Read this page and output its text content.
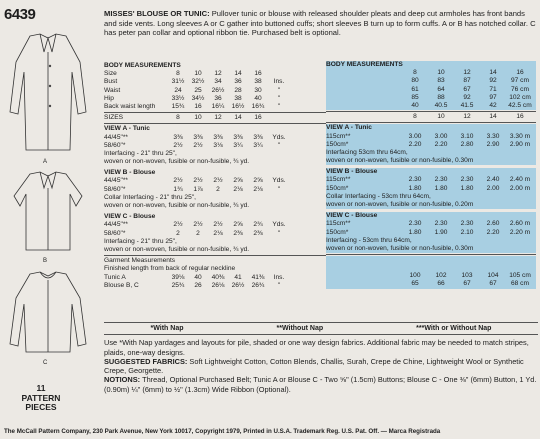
6439
A
B
C
11
PATTERN
PIECES
MISSES' BLOUSE OR TUNIC: Pullover tunic or blouse with released shoulder pleats and deep cut armholes has front bands and side vents. Long sleeves A or C gather into buttoned cuffs; short sleeves B turn up to form cuffs. A or B has notched collar. C has peter pan collar and optional ribbon tie. Purchased belt is optional.
BODY MEASUREMENTS
Size	8	10	12	14	16
Bust	31½	32½	34	36	38	Ins.
Waist	24	25	26½	28	30	"
Hip	33½	34½	36	38	40	"
Back waist length	15¾	16	16¼	16½	16¾	"
SIZES	8	10	12	14	16
VIEW A - Tunic
44/45"**	3⅜	3⅜	3⅜	3⅜	3⅜	Yds.
58/60"*	2½	2½	3⅛	3¼	3¼	"
Interfacing - 21" thru 25",
woven or non-woven, fusible or non-fusible, ¾ yd.
VIEW B - Blouse
44/45"**	2½	2½	2½	2⅝	2⅝	Yds.
58/60"*	1¾	1⅞	2	2⅛	2⅛	"
Collar Interfacing - 21" thru 25",
woven or non-woven, fusible or non-fusible, ¾ yd.
VIEW C - Blouse
44/45"**	2½	2½	2½	2⅝	2¾	Yds.
58/60"*	2	2	2⅛	2⅜	2⅜	"
Interfacing - 21" thru 25",
woven or non-woven, fusible or non-fusible, ¾ yd.
Garment Measurements
Finished length from back of regular neckline
Tunic A	39⅛	40	40⅜	41	41⅜	Ins.
Blouse B, C	25¾	26	26⅛	26½	26¾	"
BODY MEASUREMENTS
8	10	12	14	16
80	83	87	92	97 cm
61	64	67	71	76 cm
85	88	92	97	102 cm
40	40.5	41.5	42	42.5 cm
8	10	12	14	16
VIEW A - Tunic
115cm**	3.00	3.00	3.10	3.30	3.30 m
150cm*	2.20	2.20	2.80	2.90	2.90 m
Interfacing 53cm thru 64cm,
woven or non-woven, fusible or non-fusible, 0.30m
VIEW B - Blouse
115cm**	2.30	2.30	2.30	2.40	2.40 m
150cm*	1.80	1.80	1.80	2.00	2.00 m
Collar Interfacing - 53cm thru 64cm,
woven or non-woven, fusible or non-fusible, 0.20m
VIEW C - Blouse
115cm**	2.30	2.30	2.30	2.60	2.60 m
150cm*	1.80	1.90	2.10	2.20	2.20 m
Interfacing - 53cm thru 64cm,
woven or non-woven, fusible or non-fusible, 0.30m
100	102	103	104	105 cm
65	66	67	67	68 cm
*With Nap	**Without Nap	***With or Without Nap
Use *With Nap yardages and layouts for pile, shaded or one way design fabrics. Additional fabric may be needed to match stripes, plaids, one-way designs.
SUGGESTED FABRICS: Soft Lightweight Cotton, Cotton Blends, Challis, Surah, Crepe de Chine, Lightweight Wool or Synthetic Crepe, Georgette.
NOTIONS: Thread, Optional Purchased Belt; Tunic A or Blouse C - Two ⅝" (1.5cm) Buttons; Blouse C - One ⅜" (6mm) Button, 1 Yd. (0.90m) ¼" (6mm) to ½" (1.3cm) Wide Ribbon (Optional).
The McCall Pattern Company, 230 Park Avenue, New York 10017, Copyright 1979, Printed in U.S.A. Trademark Reg. U.S. Pat. Off. — Marca Registrada
